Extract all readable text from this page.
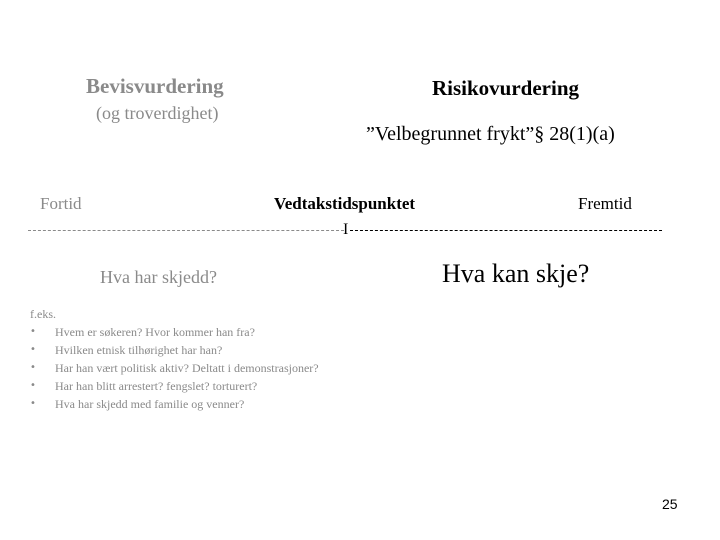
Bevisvurdering
(og troverdighet)
Risikovurdering
”Velbegrunnet frykt”§ 28(1)(a)
Fortid	Vedtakstidspunktet	Fremtid
I
Hva har skjedd?	Hva kan skje?
f.eks.
• Hvem er søkeren? Hvor kommer han fra?
• Hvilken etnisk tilhørighet har han?
• Har han vært politisk aktiv? Deltatt i demonstrasjoner?
• Har han blitt arrestert? fengslet? torturert?
• Hva har skjedd med familie og venner?
25
